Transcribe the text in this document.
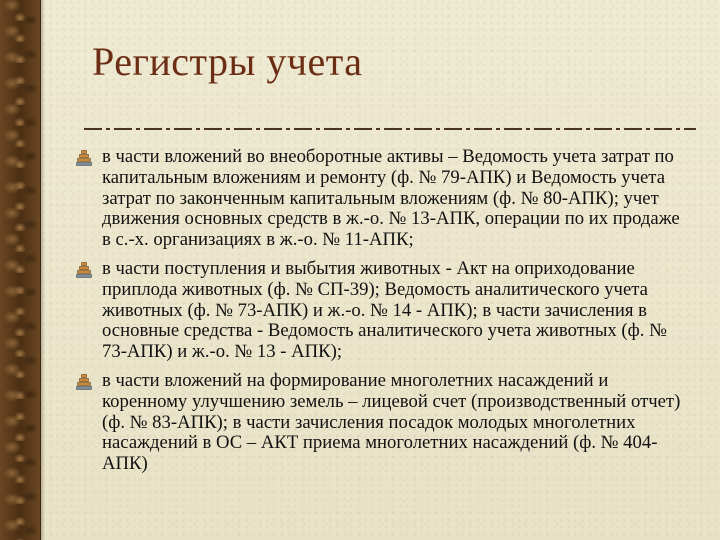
Регистры учета
в части вложений во внеоборотные активы – Ведомость учета затрат по капитальным вложениям и ремонту (ф. № 79-АПК) и Ведомость учета затрат по законченным капитальным вложениям (ф. № 80-АПК); учет движения основных средств в ж.-о. № 13-АПК, операции по их продаже в с.-х. организациях в ж.-о. № 11-АПК;
в части поступления и выбытия животных - Акт на оприходование приплода животных (ф. № СП-39); Ведомость аналитического учета животных (ф. № 73-АПК) и ж.-о. № 14 - АПК); в части зачисления в основные средства - Ведомость аналитического учета животных (ф. № 73-АПК) и ж.-о. № 13 - АПК);
в части вложений на формирование многолетних насаждений и коренному улучшению земель – лицевой счет (производственный отчет) (ф. № 83-АПК); в части зачисления посадок молодых многолетних насаждений в ОС – АКТ приема многолетних насаждений (ф. № 404-АПК)
